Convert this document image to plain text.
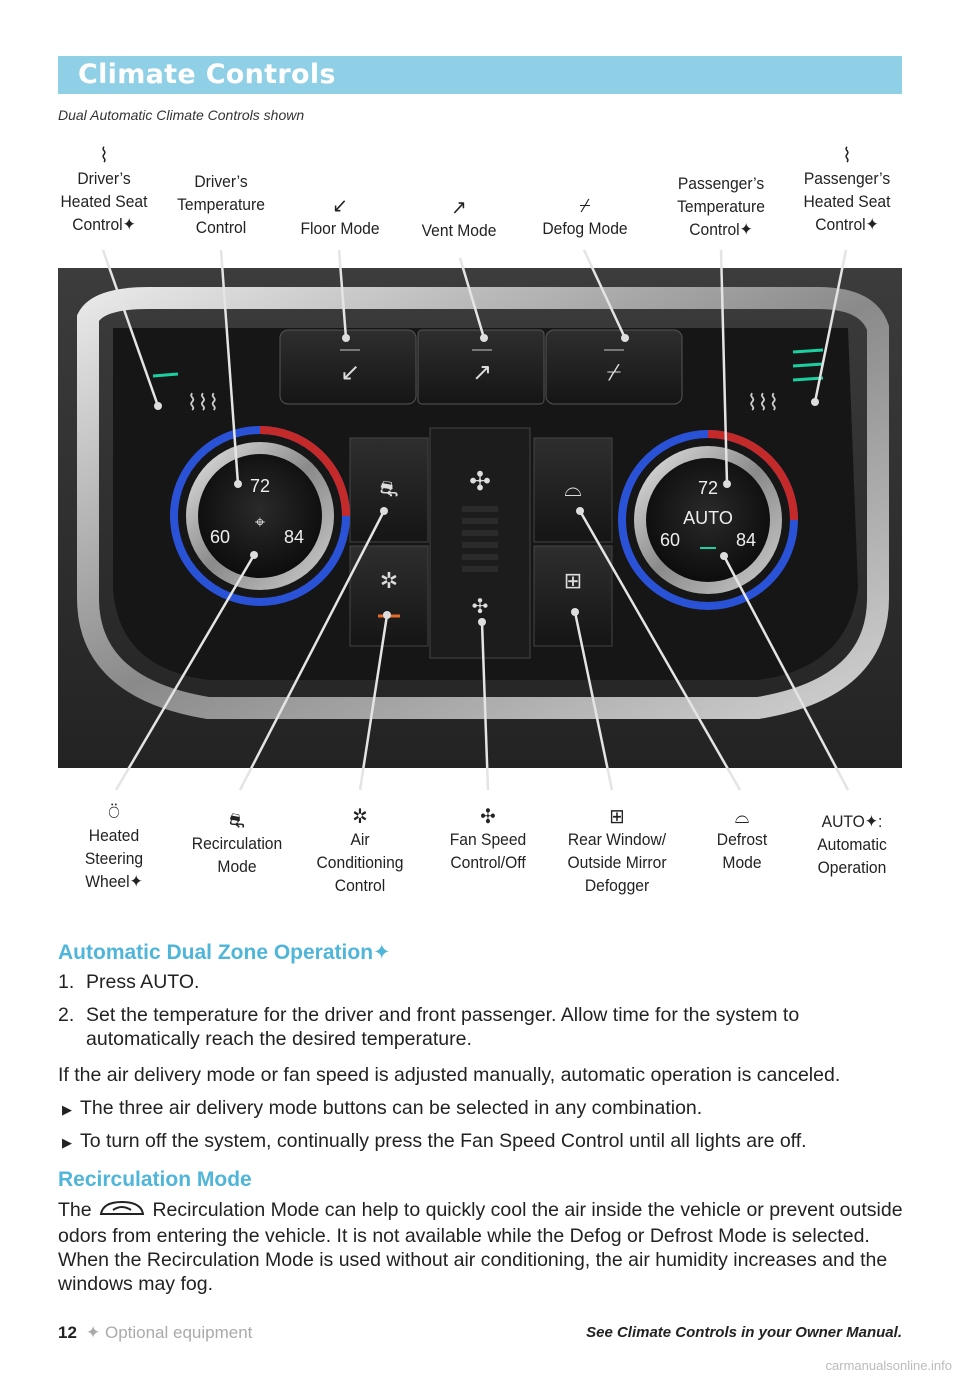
Climate Controls
Dual Automatic Climate Controls shown
⌇
Driver’s Heated Seat Control✦
Driver’s Temperature Control
↙
Floor Mode
↗
Vent Mode
⌿
Defog Mode
Passenger’s Temperature Control✦
⌇
Passenger’s Heated Seat Control✦
↙	↗	⌿
⌇⌇⌇	⌇⌇⌇
✣
✣
⛐
✲
⌓
⊞
72
60	84
⌖
72
AUTO
60	84
⍥
Heated Steering Wheel✦
⛐
Recirculation Mode
✲
Air Conditioning Control
✣
Fan Speed Control/Off
⊞
Rear Window/ Outside Mirror Defogger
⌓
Defrost Mode
AUTO✦: Automatic Operation
Automatic Dual Zone Operation✦
1. Press AUTO.
2. Set the temperature for the driver and front passenger. Allow time for the system to automatically reach the desired temperature.
If the air delivery mode or fan speed is adjusted manually, automatic operation is canceled.
▶ The three air delivery mode buttons can be selected in any combination.
▶ To turn off the system, continually press the Fan Speed Control until all lights are off.
Recirculation Mode
The	Recirculation Mode can help to quickly cool the air inside the vehicle or prevent outside odors from entering the vehicle. It is not available while the Defog or Defrost Mode is selected. When the Recirculation Mode is used without air conditioning, the air humidity increases and the windows may fog.
12 ✦ Optional equipment	See Climate Controls in your Owner Manual.
carmanualsonline.info
